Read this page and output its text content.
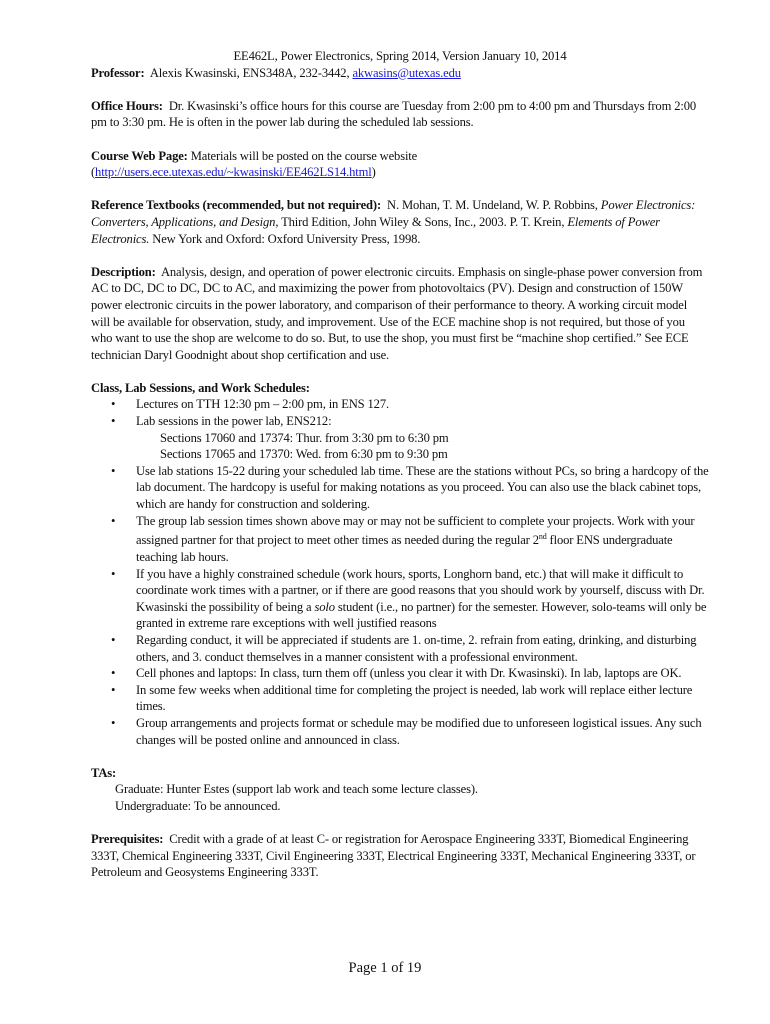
EE462L, Power Electronics, Spring 2014, Version January 10, 2014

Professor: Alexis Kwasinski, ENS348A, 232-3442, akwasins@utexas.edu

Office Hours: Dr. Kwasinski’s office hours for this course are Tuesday from 2:00 pm to 4:00 pm and Thursdays from 2:00 pm to 3:30 pm. He is often in the power lab during the scheduled lab sessions.

Course Web Page: Materials will be posted on the course website
(http://users.ece.utexas.edu/~kwasinski/EE462LS14.html)

Reference Textbooks (recommended, but not required): N. Mohan, T. M. Undeland, W. P. Robbins, Power Electronics: Converters, Applications, and Design, Third Edition, John Wiley & Sons, Inc., 2003. P. T. Krein, Elements of Power Electronics. New York and Oxford: Oxford University Press, 1998.

Description: Analysis, design, and operation of power electronic circuits. Emphasis on single-phase power conversion from AC to DC, DC to DC, DC to AC, and maximizing the power from photovoltaics (PV). Design and construction of 150W power electronic circuits in the power laboratory, and comparison of their performance to theory. A working circuit model will be available for observation, study, and improvement. Use of the ECE machine shop is not required, but those of you who want to use the shop are welcome to do so. But, to use the shop, you must first be “machine shop certified.” See ECE technician Daryl Goodnight about shop certification and use.

Class, Lab Sessions, and Work Schedules:

• Lectures on TTH 12:30 pm – 2:00 pm, in ENS 127.
• Lab sessions in the power lab, ENS212:
Sections 17060 and 17374: Thur. from 3:30 pm to 6:30 pm
Sections 17065 and 17370: Wed. from 6:30 pm to 9:30 pm
• Use lab stations 15-22 during your scheduled lab time. These are the stations without PCs, so bring a hardcopy of the lab document. The hardcopy is useful for making notations as you proceed. You can also use the black cabinet tops, which are handy for construction and soldering.
• The group lab session times shown above may or may not be sufficient to complete your projects. Work with your assigned partner for that project to meet other times as needed during the regular 2nd floor ENS undergraduate teaching lab hours.
• If you have a highly constrained schedule (work hours, sports, Longhorn band, etc.) that will make it difficult to coordinate work times with a partner, or if there are good reasons that you should work by yourself, discuss with Dr. Kwasinski the possibility of being a solo student (i.e., no partner) for the semester. However, solo-teams will only be granted in extreme rare exceptions with well justified reasons
• Regarding conduct, it will be appreciated if students are 1. on-time, 2. refrain from eating, drinking, and disturbing others, and 3. conduct themselves in a manner consistent with a professional environment.
• Cell phones and laptops: In class, turn them off (unless you clear it with Dr. Kwasinski). In lab, laptops are OK.
• In some few weeks when additional time for completing the project is needed, lab work will replace either lecture times.
• Group arrangements and projects format or schedule may be modified due to unforeseen logistical issues. Any such changes will be posted online and announced in class.

TAs:

Graduate: Hunter Estes (support lab work and teach some lecture classes).
Undergraduate: To be announced.

Prerequisites: Credit with a grade of at least C- or registration for Aerospace Engineering 333T, Biomedical Engineering 333T, Chemical Engineering 333T, Civil Engineering 333T, Electrical Engineering 333T, Mechanical Engineering 333T, or Petroleum and Geosystems Engineering 333T.

Page 1 of 19
